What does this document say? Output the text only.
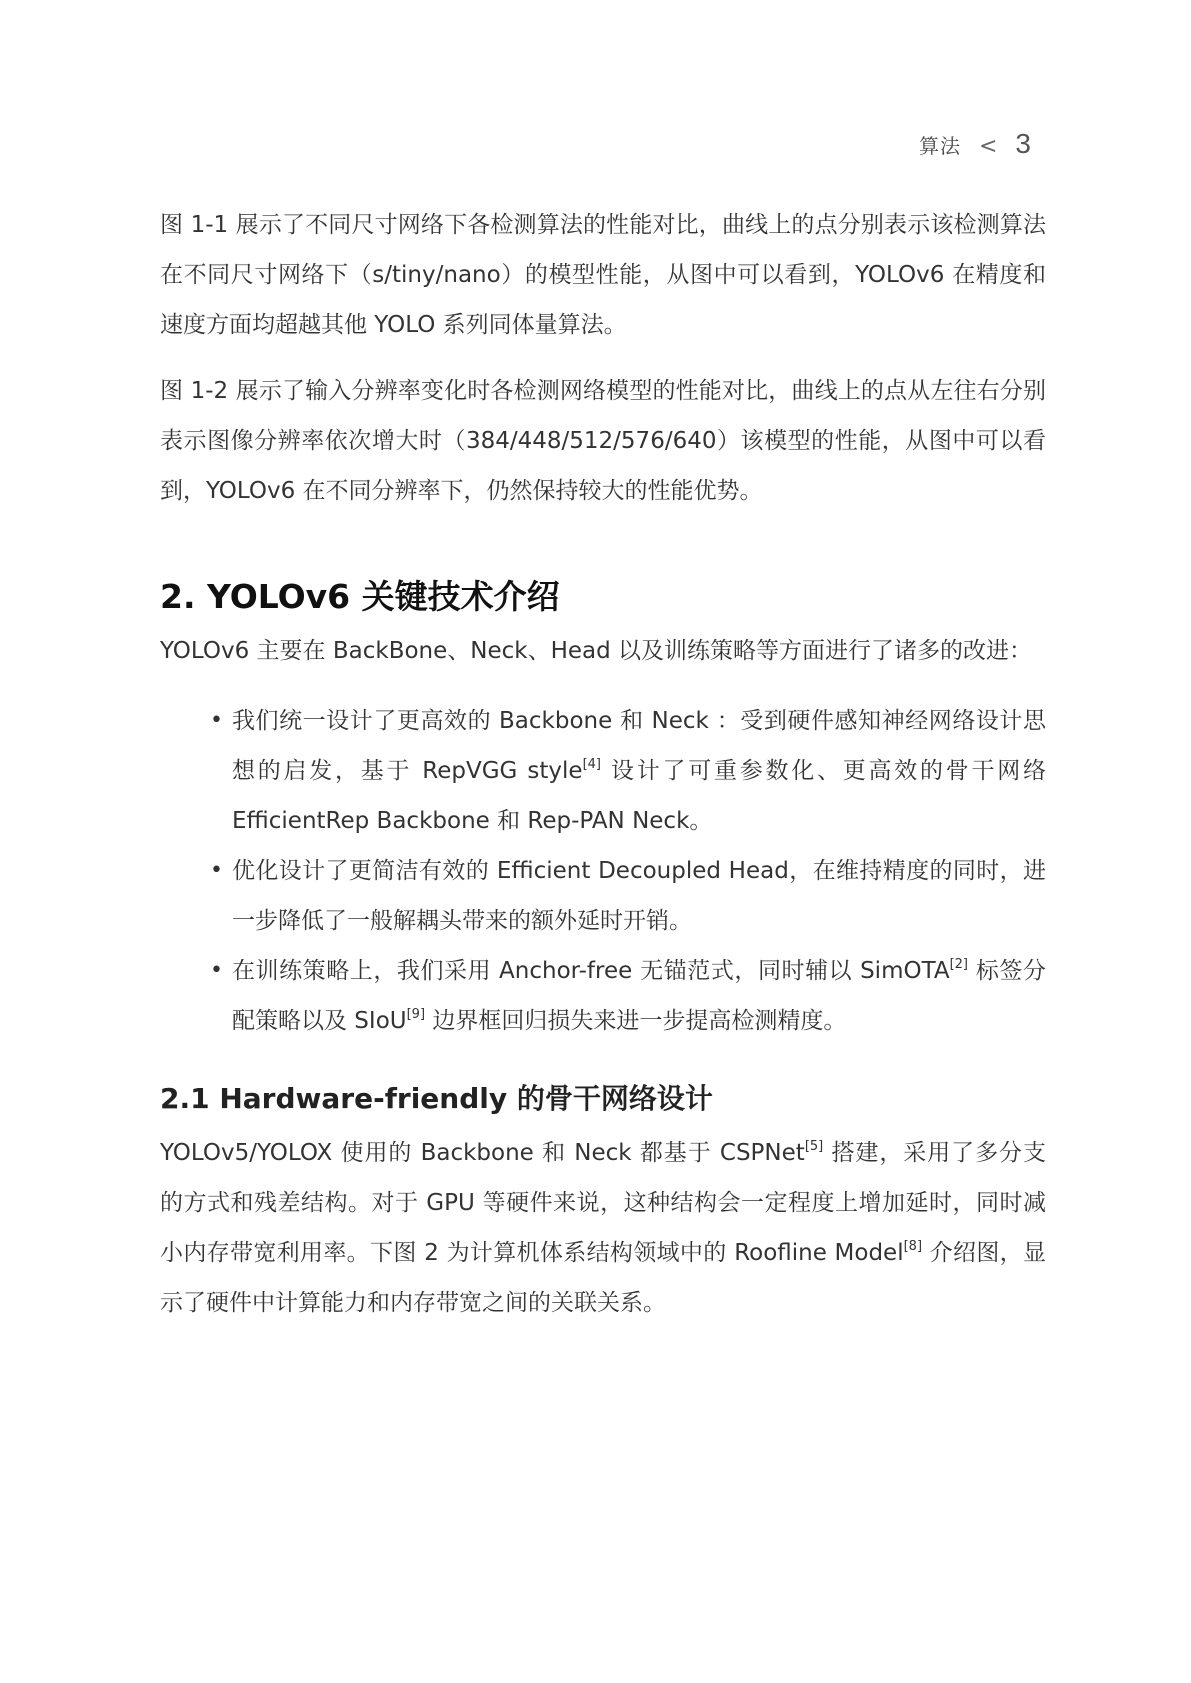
算法 < 3

图 1-1 展示了不同尺寸网络下各检测算法的性能对比，曲线上的点分别表示该检测算法在不同尺寸网络下（s/tiny/nano）的模型性能，从图中可以看到，YOLOv6 在精度和速度方面均超越其他 YOLO 系列同体量算法。

图 1-2 展示了输入分辨率变化时各检测网络模型的性能对比，曲线上的点从左往右分别表示图像分辨率依次增大时（384/448/512/576/640）该模型的性能，从图中可以看到，YOLOv6 在不同分辨率下，仍然保持较大的性能优势。

2. YOLOv6 关键技术介绍

YOLOv6 主要在 BackBone、Neck、Head 以及训练策略等方面进行了诸多的改进：

• 我们统一设计了更高效的 Backbone 和 Neck ：受到硬件感知神经网络设计思想的启发，基于 RepVGG style[4] 设计了可重参数化、更高效的骨干网络 EfficientRep Backbone 和 Rep-PAN Neck。
• 优化设计了更简洁有效的 Efficient Decoupled Head，在维持精度的同时，进一步降低了一般解耦头带来的额外延时开销。
• 在训练策略上，我们采用 Anchor-free 无锚范式，同时辅以 SimOTA[2] 标签分配策略以及 SIoU[9] 边界框回归损失来进一步提高检测精度。
2.1 Hardware-friendly 的骨干网络设计

YOLOv5/YOLOX 使用的 Backbone 和 Neck 都基于 CSPNet[5] 搭建，采用了多分支的方式和残差结构。对于 GPU 等硬件来说，这种结构会一定程度上增加延时，同时减小内存带宽利用率。下图 2 为计算机体系结构领域中的 Roofline Model[8] 介绍图，显示了硬件中计算能力和内存带宽之间的关联关系。
